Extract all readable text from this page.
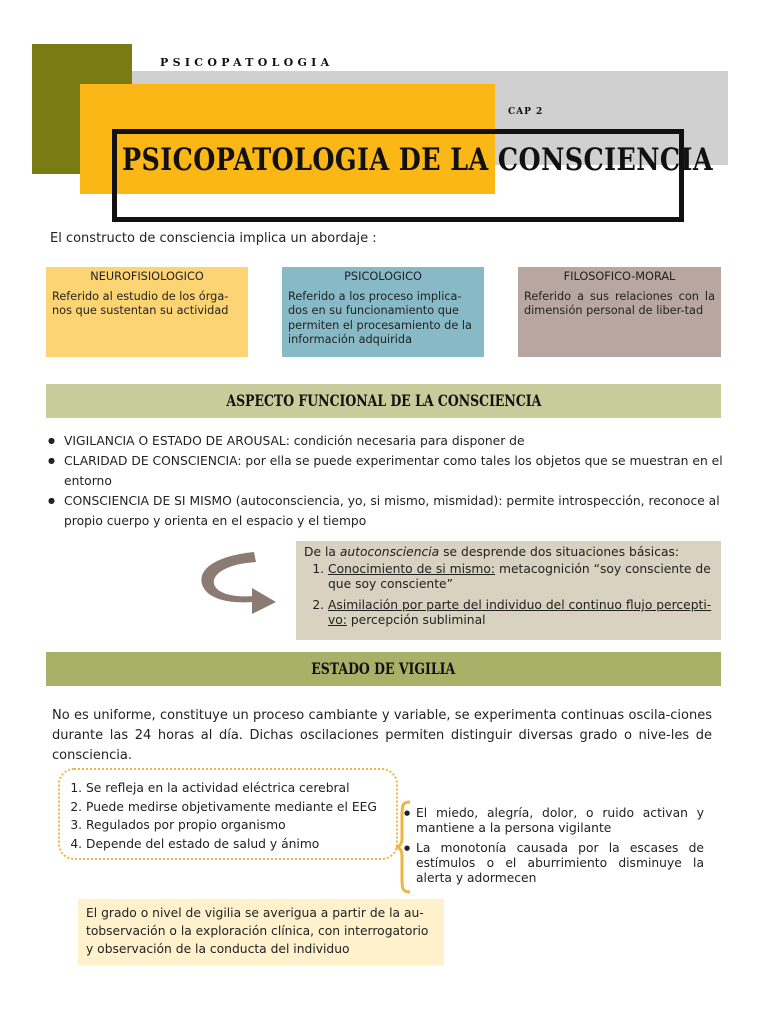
PSICOPATOLOGIA
CAP 2
PSICOPATOLOGIA DE LA CONSCIENCIA
El constructo de consciencia implica un abordaje :
NEUROFISIOLOGICO
Referido al estudio de los órga-nos que sustentan su actividad
PSICOLOGICO
Referido a los proceso implica-dos en su funcionamiento que permiten el procesamiento de la información adquirida
FILOSOFICO-MORAL
Referido a sus relaciones con la dimensión personal de liber-tad
ASPECTO FUNCIONAL DE LA CONSCIENCIA
● VIGILANCIA O ESTADO DE AROUSAL: condición necesaria para disponer de
● CLARIDAD DE CONSCIENCIA: por ella se puede experimentar como tales los objetos que se muestran en el entorno
● CONSCIENCIA DE SI MISMO (autoconsciencia, yo, si mismo, mismidad): permite introspección, reconoce al propio cuerpo y orienta en el espacio y el tiempo
De la autoconsciencia se desprende dos situaciones básicas:
1. Conocimiento de si mismo: metacognición “soy consciente de que soy consciente”
2. Asimilación por parte del individuo del continuo flujo percepti-vo: percepción subliminal
ESTADO DE VIGILIA
No es uniforme, constituye un proceso cambiante y variable, se experimenta continuas oscila-ciones durante las 24 horas al día. Dichas oscilaciones permiten distinguir diversas grado o nive-les de consciencia.
1. Se refleja en la actividad eléctrica cerebral
2. Puede medirse objetivamente mediante el EEG
3. Regulados por propio organismo
4. Depende del estado de salud y ánimo
● El miedo, alegría, dolor, o ruido activan y mantiene a la persona vigilante
● La monotonía causada por la escases de estímulos o el aburrimiento disminuye la alerta y adormecen
El grado o nivel de vigilia se averigua a partir de la au-tobservación o la exploración clínica, con interrogatorio y observación de la conducta del individuo
